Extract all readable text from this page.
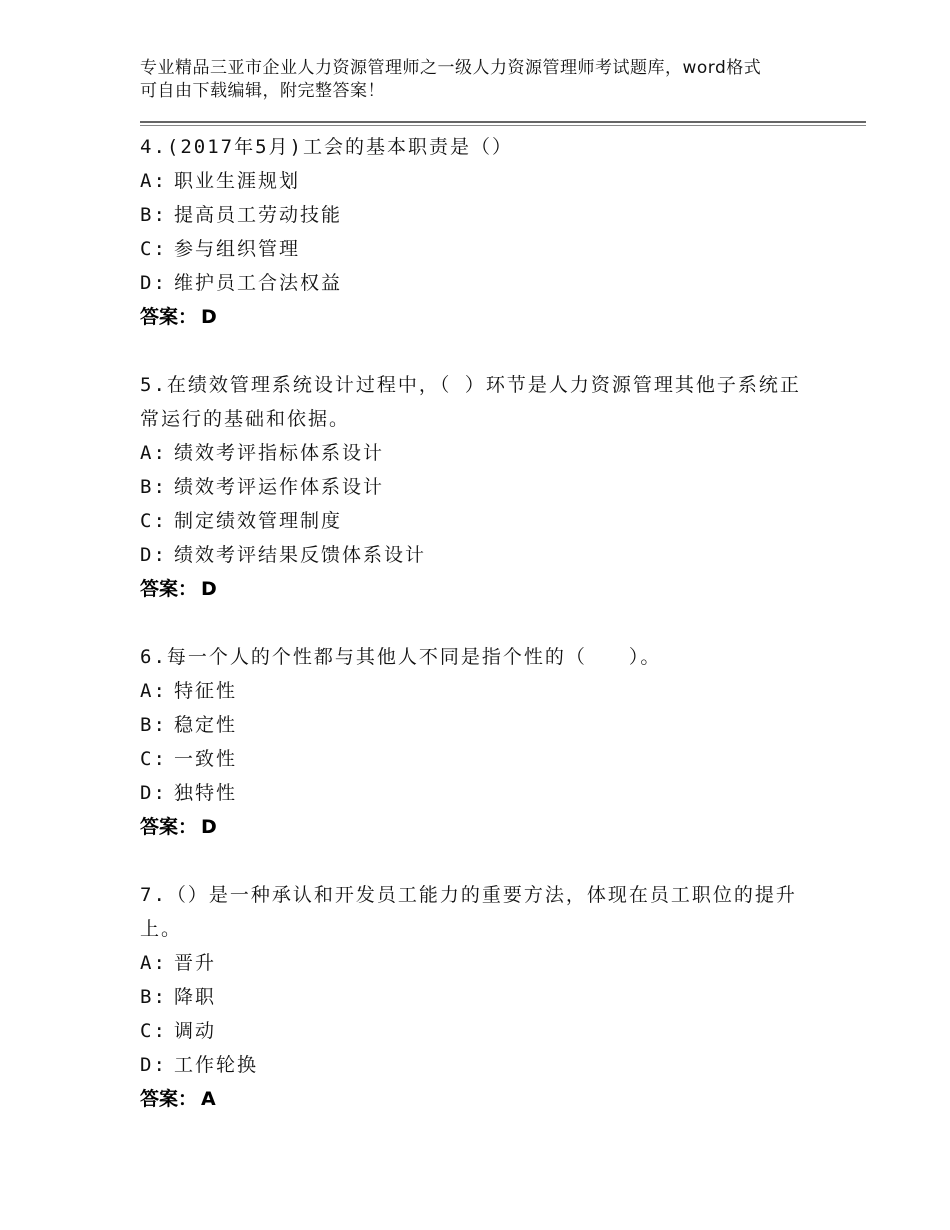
专业精品三亚市企业人力资源管理师之一级人力资源管理师考试题库，word格式
可自由下载编辑，附完整答案！
4.(2017年5月)工会的基本职责是（）
A: 职业生涯规划
B: 提高员工劳动技能
C: 参与组织管理
D: 维护员工合法权益
答案： D
5.在绩效管理系统设计过程中，（ ）环节是人力资源管理其他子系统正常运行的基础和依据。
A: 绩效考评指标体系设计
B: 绩效考评运作体系设计
C: 制定绩效管理制度
D: 绩效考评结果反馈体系设计
答案： D
6.每一个人的个性都与其他人不同是指个性的（　　）。
A: 特征性
B: 稳定性
C: 一致性
D: 独特性
答案： D
7.（）是一种承认和开发员工能力的重要方法，体现在员工职位的提升上。
A: 晋升
B: 降职
C: 调动
D: 工作轮换
答案： A
